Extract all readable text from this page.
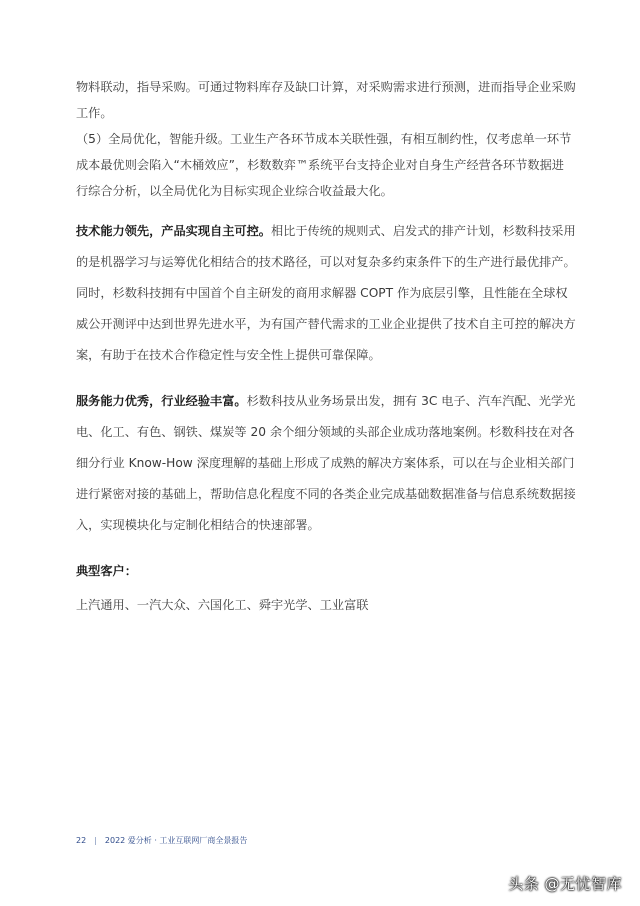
物料联动，指导采购。可通过物料库存及缺口计算，对采购需求进行预测，进而指导企业采购工作。

（5）全局优化，智能升级。工业生产各环节成本关联性强，有相互制约性，仅考虑单一环节成本最优则会陷入“木桶效应”，杉数数弈™系统平台支持企业对自身生产经营各环节数据进行综合分析，以全局优化为目标实现企业综合收益最大化。

技术能力领先，产品实现自主可控。相比于传统的规则式、启发式的排产计划，杉数科技采用的是机器学习与运筹优化相结合的技术路径，可以对复杂多约束条件下的生产进行最优排产。同时，杉数科技拥有中国首个自主研发的商用求解器 COPT 作为底层引擎，且性能在全球权威公开测评中达到世界先进水平，为有国产替代需求的工业企业提供了技术自主可控的解决方案，有助于在技术合作稳定性与安全性上提供可靠保障。

服务能力优秀，行业经验丰富。杉数科技从业务场景出发，拥有 3C 电子、汽车汽配、光学光电、化工、有色、钢铁、煤炭等 20 余个细分领域的头部企业成功落地案例。杉数科技在对各细分行业 Know-How 深度理解的基础上形成了成熟的解决方案体系，可以在与企业相关部门进行紧密对接的基础上，帮助信息化程度不同的各类企业完成基础数据准备与信息系统数据接入，实现模块化与定制化相结合的快速部署。

典型客户：

上汽通用、一汽大众、六国化工、舜宇光学、工业富联

22 | 2022 爱分析 · 工业互联网厂商全景报告
头条 @无忧智库
